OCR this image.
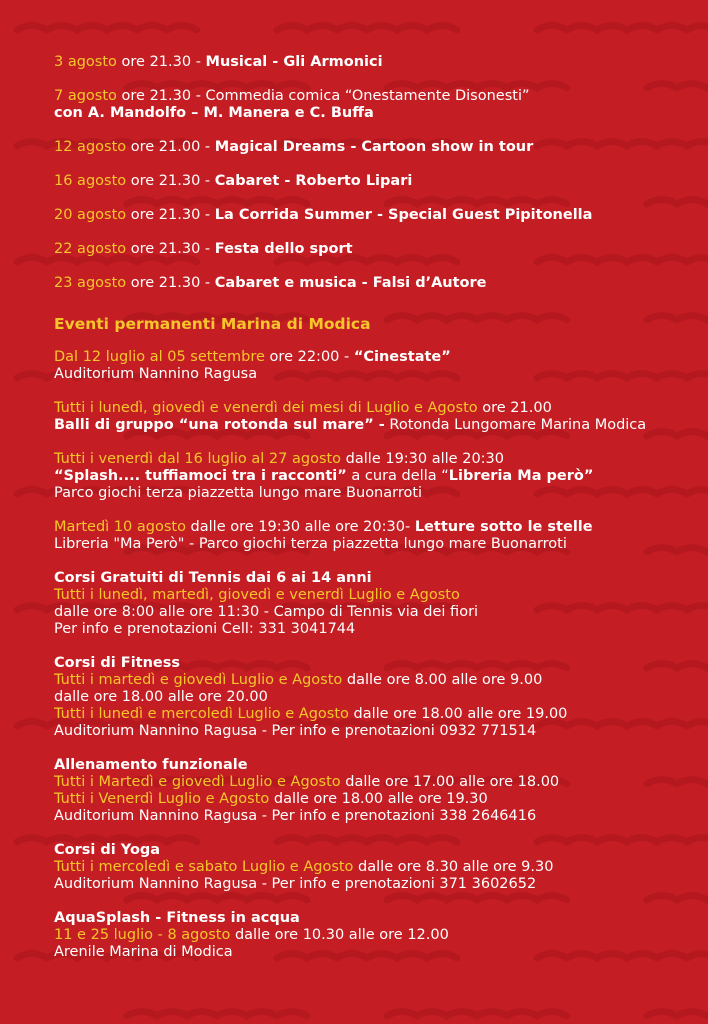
3 agosto ore 21.30 - Musical - Gli Armonici
7 agosto ore 21.30 - Commedia comica “Onestamente Disonesti”
con A. Mandolfo – M. Manera e C. Buffa
12 agosto ore 21.00 - Magical Dreams - Cartoon show in tour
16 agosto ore 21.30 - Cabaret - Roberto Lipari
20 agosto ore 21.30 - La Corrida Summer - Special Guest Pipitonella
22 agosto ore 21.30 - Festa dello sport
23 agosto ore 21.30 - Cabaret e musica - Falsi d’Autore
Eventi permanenti Marina di Modica
Dal 12 luglio al 05 settembre ore 22:00 - “Cinestate”
Auditorium Nannino Ragusa
Tutti i lunedì, giovedì e venerdì dei mesi di Luglio e Agosto ore 21.00
Balli di gruppo “una rotonda sul mare” - Rotonda Lungomare Marina Modica
Tutti i venerdì dal 16 luglio al 27 agosto dalle 19:30 alle 20:30
“Splash.... tuffiamoci tra i racconti” a cura della “Libreria Ma però”
Parco giochi terza piazzetta lungo mare Buonarroti
Martedì 10 agosto dalle ore 19:30 alle ore 20:30- Letture sotto le stelle
Libreria "Ma Però" - Parco giochi terza piazzetta lungo mare Buonarroti
Corsi Gratuiti di Tennis dai 6 ai 14 anni
Tutti i lunedì, martedì, giovedì e venerdì Luglio e Agosto
dalle ore 8:00 alle ore 11:30 - Campo di Tennis via dei fiori
Per info e prenotazioni Cell: 331 3041744
Corsi di Fitness
Tutti i martedì e giovedì Luglio e Agosto dalle ore 8.00 alle ore 9.00
dalle ore 18.00 alle ore 20.00
Tutti i lunedì e mercoledì Luglio e Agosto dalle ore 18.00 alle ore 19.00
Auditorium Nannino Ragusa - Per info e prenotazioni 0932 771514
Allenamento funzionale
Tutti i Martedì e giovedì Luglio e Agosto dalle ore 17.00 alle ore 18.00
Tutti i Venerdì Luglio e Agosto dalle ore 18.00 alle ore 19.30
Auditorium Nannino Ragusa - Per info e prenotazioni 338 2646416
Corsi di Yoga
Tutti i mercoledì e sabato Luglio e Agosto dalle ore 8.30 alle ore 9.30
Auditorium Nannino Ragusa - Per info e prenotazioni 371 3602652
AquaSplash - Fitness in acqua
11 e 25 luglio - 8 agosto dalle ore 10.30 alle ore 12.00
Arenile Marina di Modica
